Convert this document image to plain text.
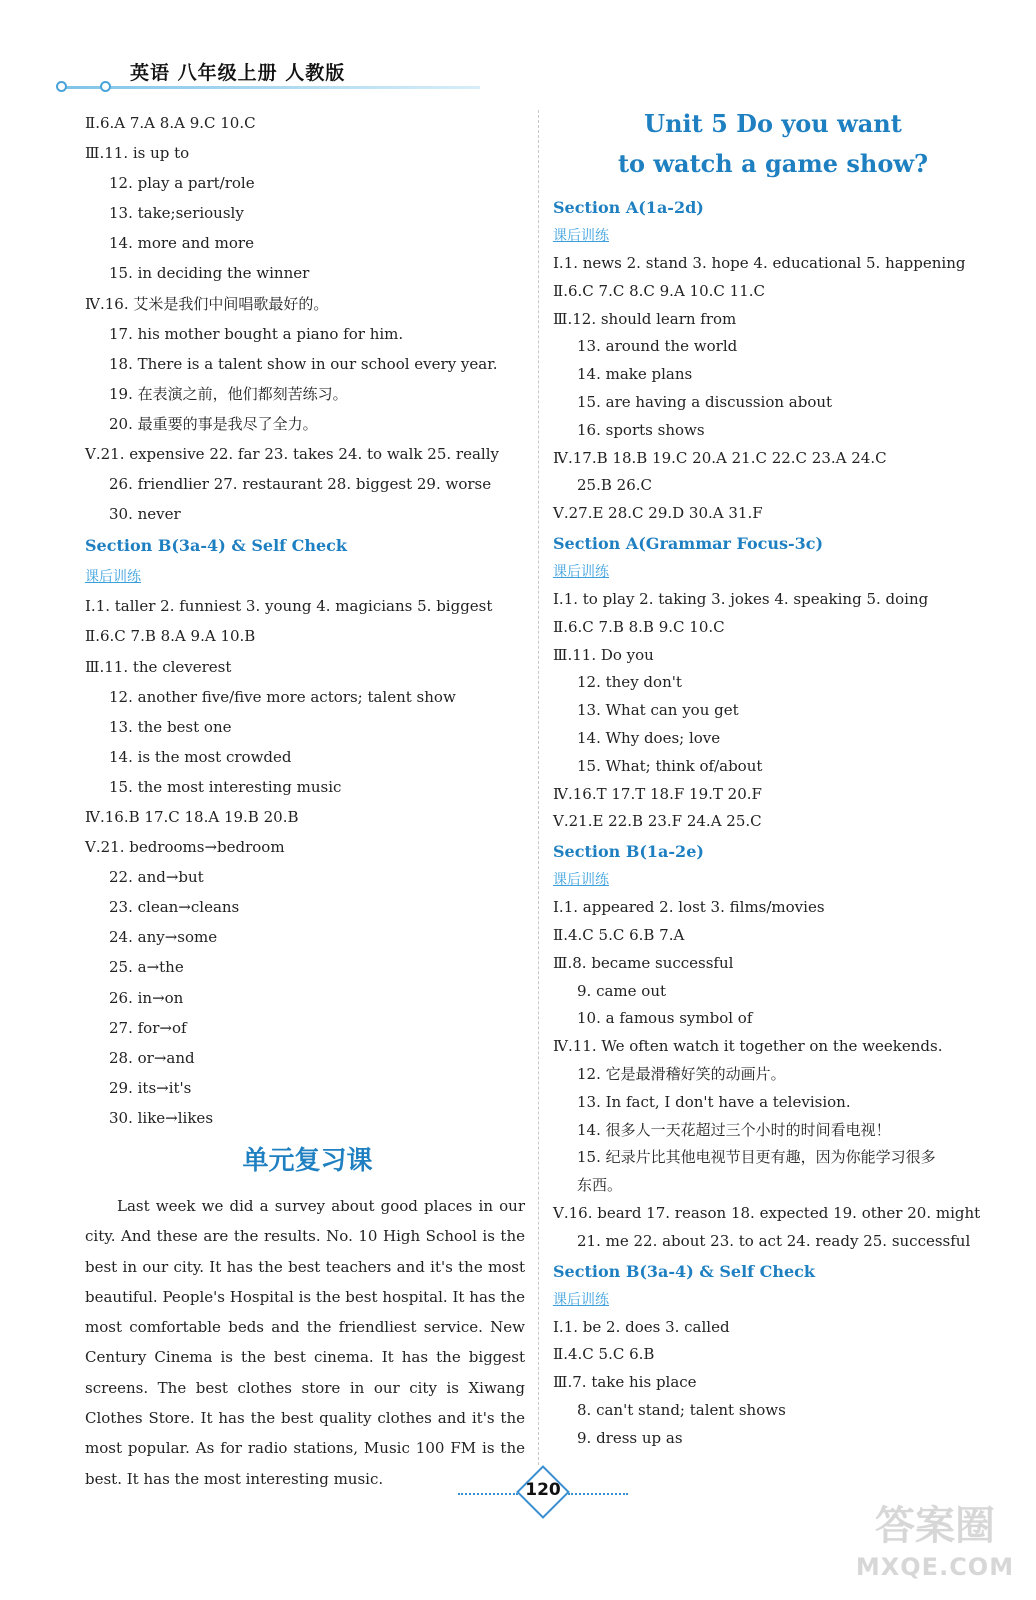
英语 八年级上册 人教版
Ⅱ.6.A 7.A 8.A 9.C 10.C
Ⅲ.11. is up to
12. play a part/role
13. take;seriously
14. more and more
15. in deciding the winner
Ⅳ.16. 艾米是我们中间唱歌最好的。
17. his mother bought a piano for him.
18. There is a talent show in our school every year.
19. 在表演之前，他们都刻苦练习。
20. 最重要的事是我尽了全力。
Ⅴ.21. expensive 22. far 23. takes 24. to walk 25. really
26. friendlier 27. restaurant 28. biggest 29. worse
30. never
Section B(3a-4) & Self Check
课后训练
Ⅰ.1. taller 2. funniest 3. young 4. magicians 5. biggest
Ⅱ.6.C 7.B 8.A 9.A 10.B
Ⅲ.11. the cleverest
12. another five/five more actors; talent show
13. the best one
14. is the most crowded
15. the most interesting music
Ⅳ.16.B 17.C 18.A 19.B 20.B
Ⅴ.21. bedrooms→bedroom
22. and→but
23. clean→cleans
24. any→some
25. a→the
26. in→on
27. for→of
28. or→and
29. its→it's
30. like→likes
单元复习课

Last week we did a survey about good places in our city. And these are the results. No. 10 High School is the best in our city. It has the best teachers and it's the most beautiful. People's Hospital is the best hospital. It has the most comfortable beds and the friendliest service. New Century Cinema is the best cinema. It has the biggest screens. The best clothes store in our city is Xiwang Clothes Store. It has the best quality clothes and it's the most popular. As for radio stations, Music 100 FM is the best. It has the most interesting music.

Unit 5 Do you want
to watch a game show?
Section A(1a-2d)
课后训练
Ⅰ.1. news 2. stand 3. hope 4. educational 5. happening
Ⅱ.6.C 7.C 8.C 9.A 10.C 11.C
Ⅲ.12. should learn from
13. around the world
14. make plans
15. are having a discussion about
16. sports shows
Ⅳ.17.B 18.B 19.C 20.A 21.C 22.C 23.A 24.C
25.B 26.C
Ⅴ.27.E 28.C 29.D 30.A 31.F
Section A(Grammar Focus-3c)
课后训练
Ⅰ.1. to play 2. taking 3. jokes 4. speaking 5. doing
Ⅱ.6.C 7.B 8.B 9.C 10.C
Ⅲ.11. Do you
12. they don't
13. What can you get
14. Why does; love
15. What; think of/about
Ⅳ.16.T 17.T 18.F 19.T 20.F
Ⅴ.21.E 22.B 23.F 24.A 25.C
Section B(1a-2e)
课后训练
Ⅰ.1. appeared 2. lost 3. films/movies
Ⅱ.4.C 5.C 6.B 7.A
Ⅲ.8. became successful
9. came out
10. a famous symbol of
Ⅳ.11. We often watch it together on the weekends.
12. 它是最滑稽好笑的动画片。
13. In fact, I don't have a television.
14. 很多人一天花超过三个小时的时间看电视！
15. 纪录片比其他电视节目更有趣，因为你能学习很多
东西。
Ⅴ.16. beard 17. reason 18. expected 19. other 20. might
21. me 22. about 23. to act 24. ready 25. successful
Section B(3a-4) & Self Check
课后训练
Ⅰ.1. be 2. does 3. called
Ⅱ.4.C 5.C 6.B
Ⅲ.7. take his place
8. can't stand; talent shows
9. dress up as
120
答案圈
MXQE.COM
